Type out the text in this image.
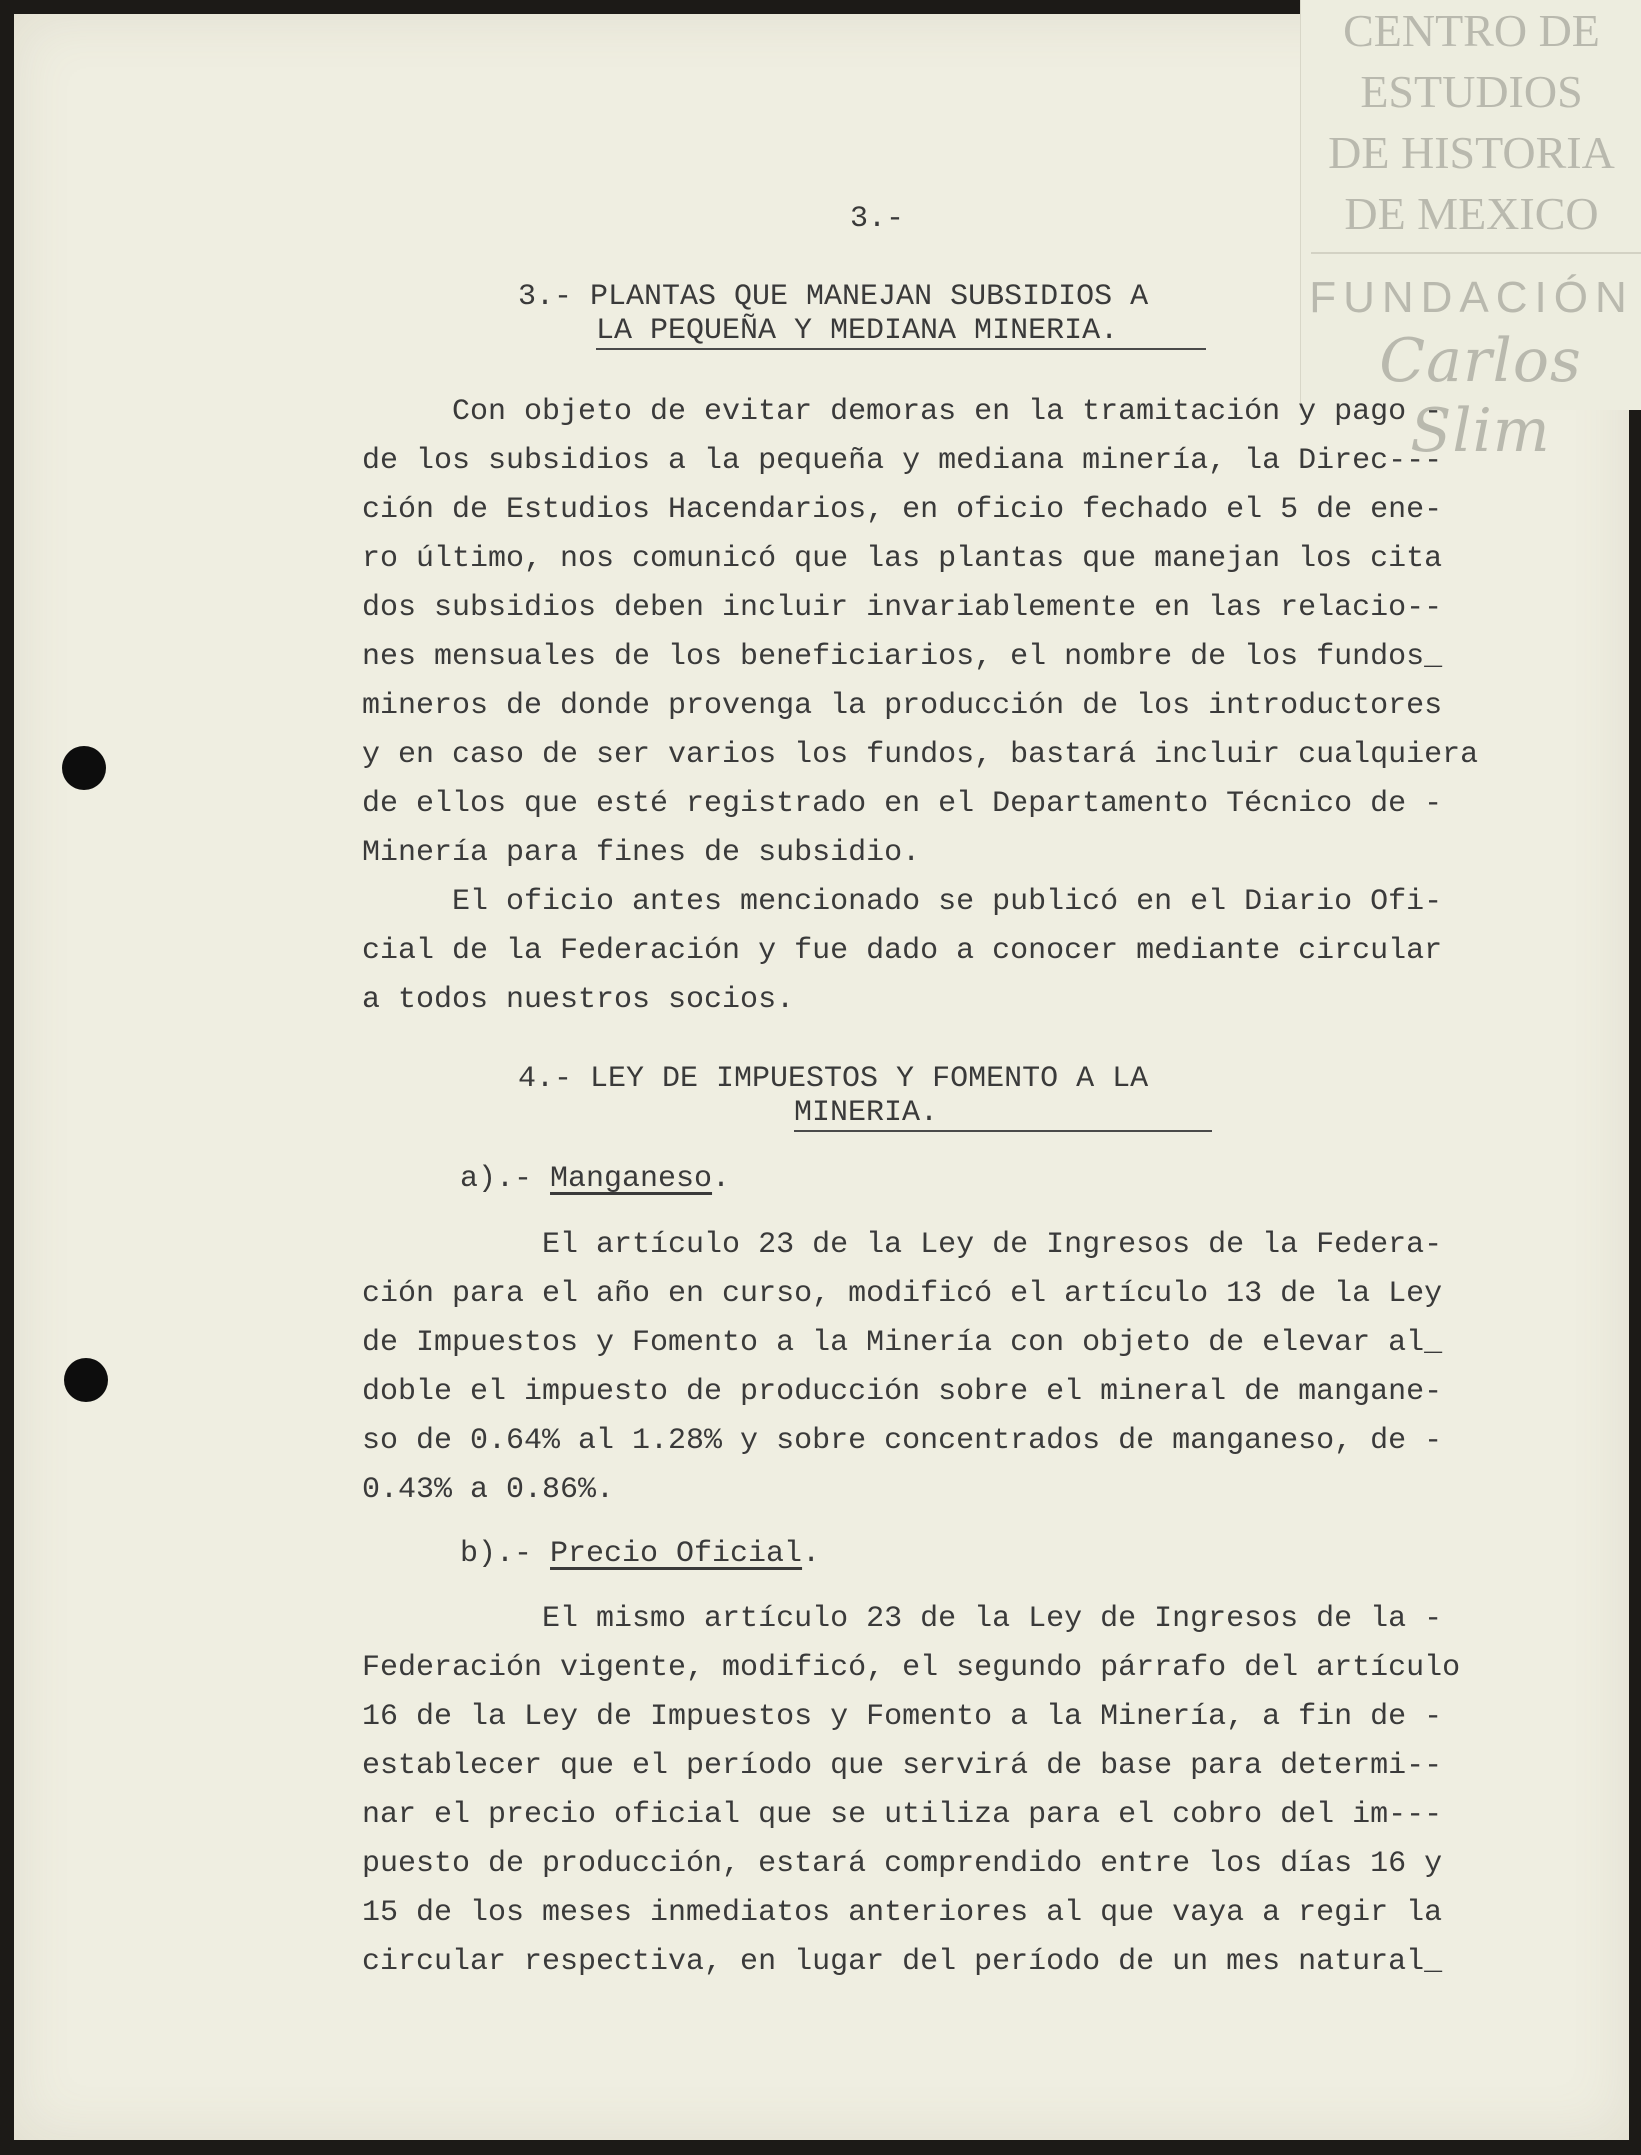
CENTRO DE
ESTUDIOS
DE HISTORIA
DE MEXICO
FUNDACIÓN
Carlos Slim
3.-
3.- PLANTAS QUE MANEJAN SUBSIDIOS A
LA PEQUEÑA Y MEDIANA MINERIA.
Con objeto de evitar demoras en la tramitación y pago -
de los subsidios a la pequeña y mediana minería, la Direc---
ción de Estudios Hacendarios, en oficio fechado el 5 de ene-
ro último, nos comunicó que las plantas que manejan los cita
dos subsidios deben incluir invariablemente en las relacio--
nes mensuales de los beneficiarios, el nombre de los fundos_
mineros de donde provenga la producción de los introductores
y en caso de ser varios los fundos, bastará incluir cualquiera
de ellos que esté registrado en el Departamento Técnico de -
Minería para fines de subsidio.
El oficio antes mencionado se publicó en el Diario Ofi-
cial de la Federación y fue dado a conocer mediante circular
a todos nuestros socios.
4.- LEY DE IMPUESTOS Y FOMENTO A LA
MINERIA.
a).- Manganeso.
El artículo 23 de la Ley de Ingresos de la Federa-
ción para el año en curso, modificó el artículo 13 de la Ley
de Impuestos y Fomento a la Minería con objeto de elevar al_
doble el impuesto de producción sobre el mineral de mangane-
so de 0.64% al 1.28% y sobre concentrados de manganeso, de -
0.43% a 0.86%.
b).- Precio Oficial.
El mismo artículo 23 de la Ley de Ingresos de la -
Federación vigente, modificó, el segundo párrafo del artículo
16 de la Ley de Impuestos y Fomento a la Minería, a fin de -
establecer que el período que servirá de base para determi--
nar el precio oficial que se utiliza para el cobro del im---
puesto de producción, estará comprendido entre los días 16 y
15 de los meses inmediatos anteriores al que vaya a regir la
circular respectiva, en lugar del período de un mes natural_
